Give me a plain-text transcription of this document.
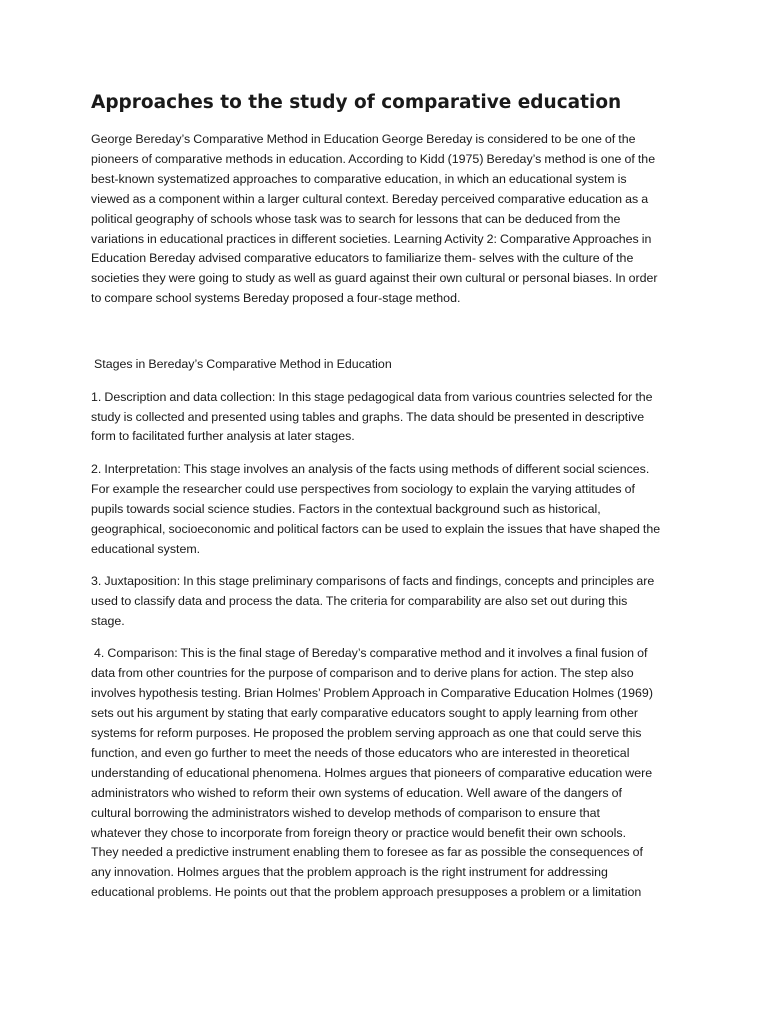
Approaches to the study of comparative education

George Bereday’s Comparative Method in Education George Bereday is considered to be one of the
pioneers of comparative methods in education. According to Kidd (1975) Bereday’s method is one of the
best-known systematized approaches to comparative education, in which an educational system is
viewed as a component within a larger cultural context. Bereday perceived comparative education as a
political geography of schools whose task was to search for lessons that can be deduced from the
variations in educational practices in different societies. Learning Activity 2: Comparative Approaches in
Education Bereday advised comparative educators to familiarize them- selves with the culture of the
societies they were going to study as well as guard against their own cultural or personal biases. In order
to compare school systems Bereday proposed a four-stage method.

Stages in Bereday’s Comparative Method in Education

1. Description and data collection: In this stage pedagogical data from various countries selected for the
study is collected and presented using tables and graphs. The data should be presented in descriptive
form to facilitated further analysis at later stages.

2. Interpretation: This stage involves an analysis of the facts using methods of different social sciences.
For example the researcher could use perspectives from sociology to explain the varying attitudes of
pupils towards social science studies. Factors in the contextual background such as historical,
geographical, socioeconomic and political factors can be used to explain the issues that have shaped the
educational system.

3. Juxtaposition: In this stage preliminary comparisons of facts and findings, concepts and principles are
used to classify data and process the data. The criteria for comparability are also set out during this
stage.

4. Comparison: This is the final stage of Bereday’s comparative method and it involves a final fusion of
data from other countries for the purpose of comparison and to derive plans for action. The step also
involves hypothesis testing. Brian Holmes’ Problem Approach in Comparative Education Holmes (1969)
sets out his argument by stating that early comparative educators sought to apply learning from other
systems for reform purposes. He proposed the problem serving approach as one that could serve this
function, and even go further to meet the needs of those educators who are interested in theoretical
understanding of educational phenomena. Holmes argues that pioneers of comparative education were
administrators who wished to reform their own systems of education. Well aware of the dangers of
cultural borrowing the administrators wished to develop methods of comparison to ensure that
whatever they chose to incorporate from foreign theory or practice would benefit their own schools.
They needed a predictive instrument enabling them to foresee as far as possible the consequences of
any innovation. Holmes argues that the problem approach is the right instrument for addressing
educational problems. He points out that the problem approach presupposes a problem or a limitation
